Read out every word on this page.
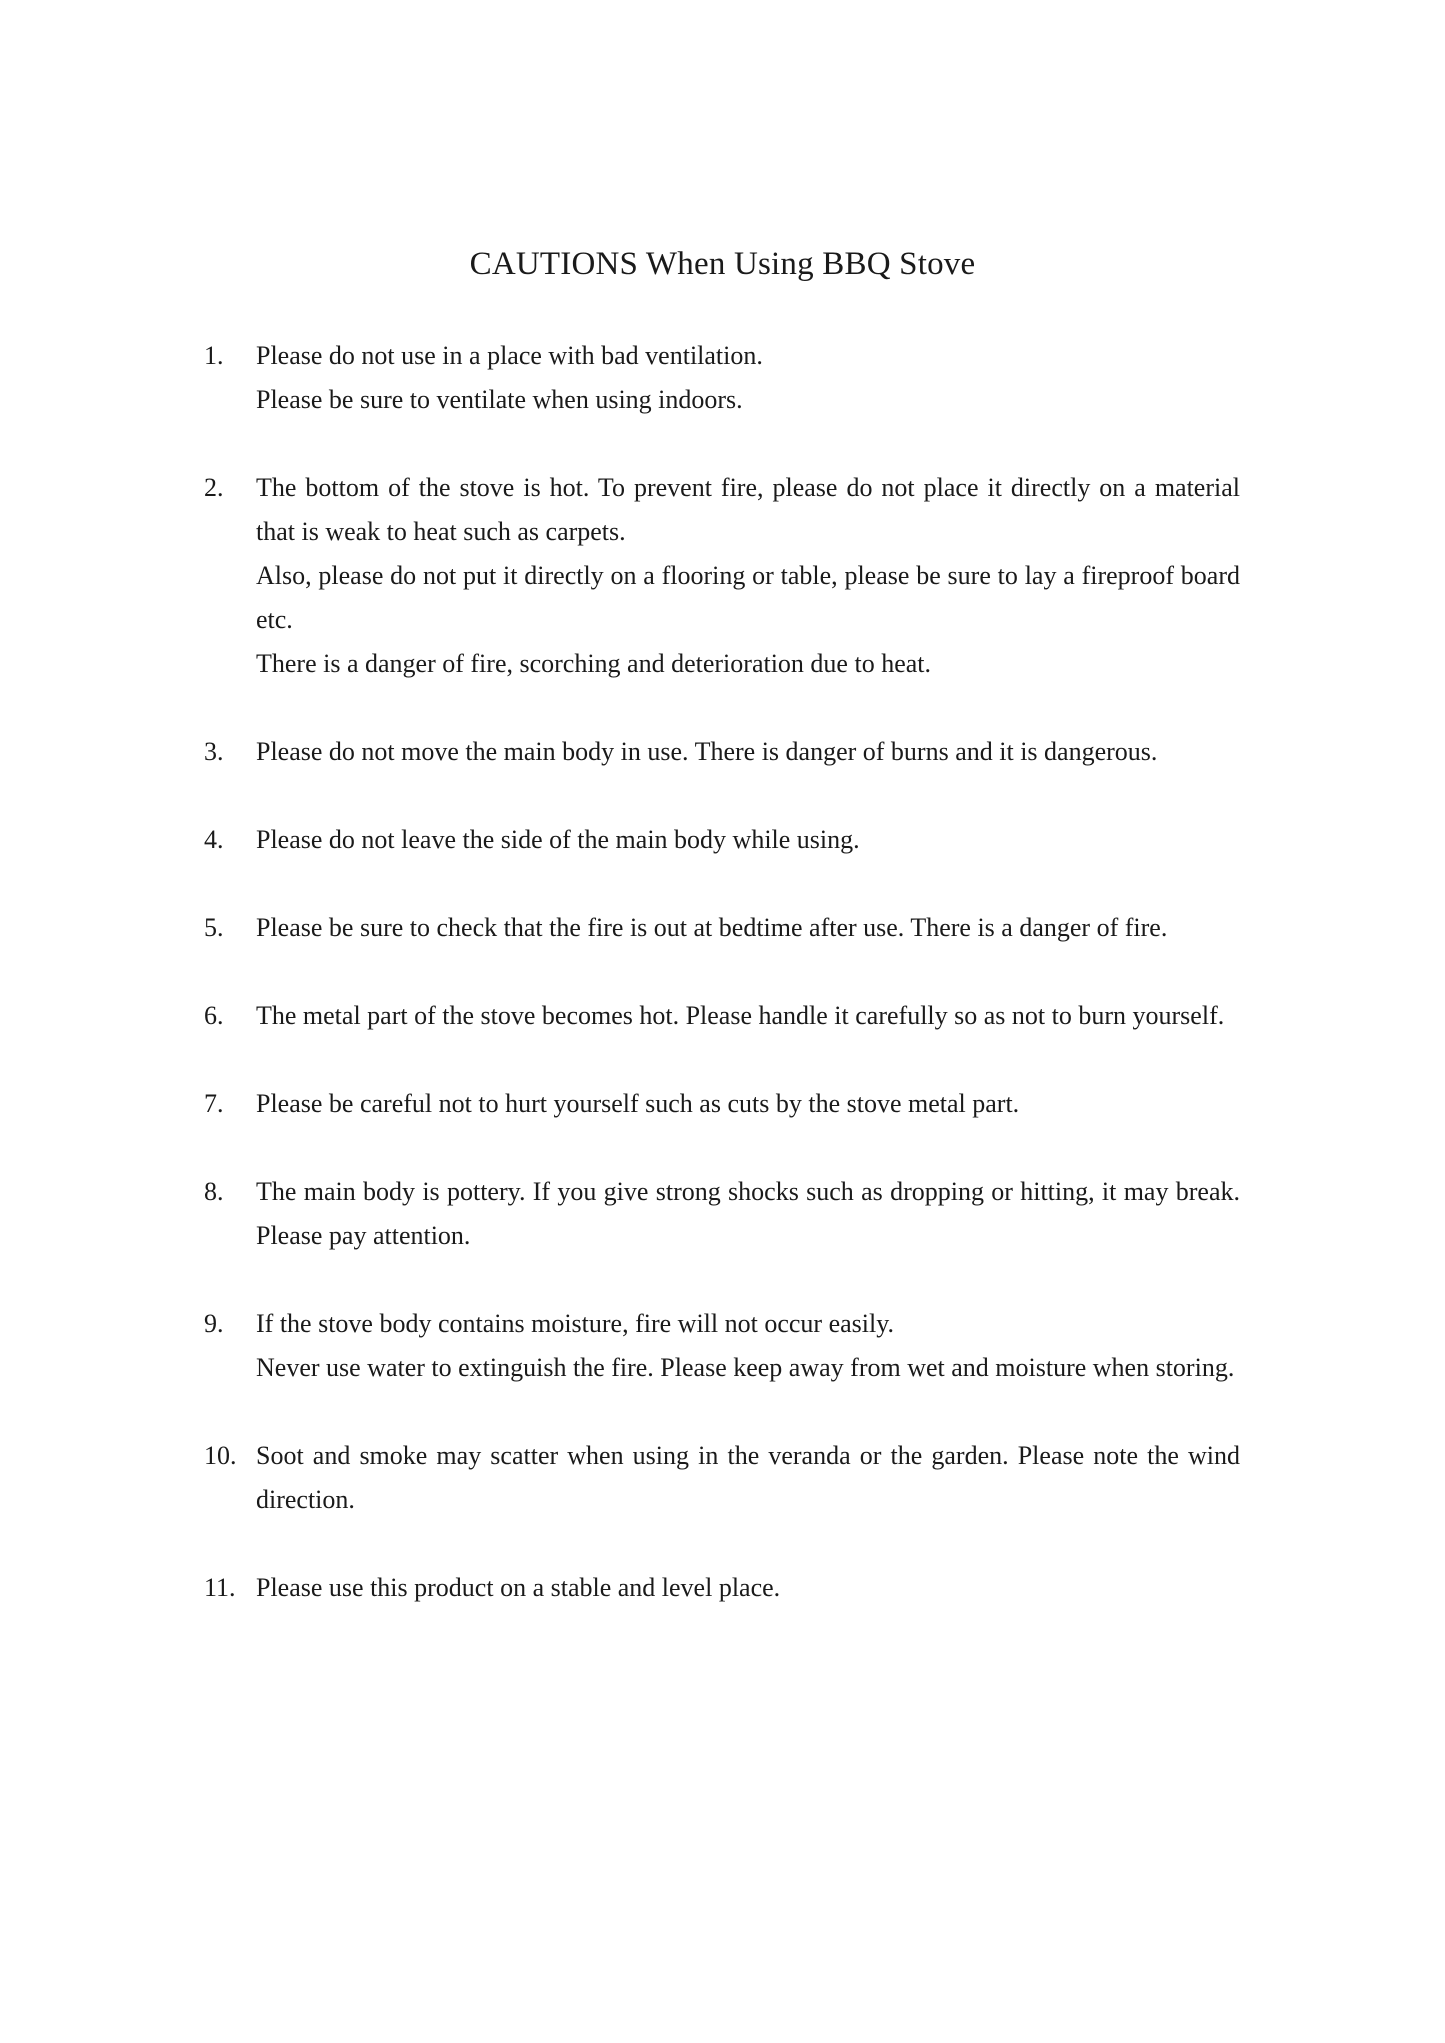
CAUTIONS When Using BBQ Stove
1.	Please do not use in a place with bad ventilation.
Please be sure to ventilate when using indoors.
2.	The bottom of the stove is hot. To prevent fire, please do not place it directly on a material that is weak to heat such as carpets.
Also, please do not put it directly on a flooring or table, please be sure to lay a fireproof board etc.
There is a danger of fire, scorching and deterioration due to heat.
3.	Please do not move the main body in use. There is danger of burns and it is dangerous.
4.	Please do not leave the side of the main body while using.
5.	Please be sure to check that the fire is out at bedtime after use. There is a danger of fire.
6.	The metal part of the stove becomes hot. Please handle it carefully so as not to burn yourself.
7.	Please be careful not to hurt yourself such as cuts by the stove metal part.
8.	The main body is pottery. If you give strong shocks such as dropping or hitting, it may break. Please pay attention.
9.	If the stove body contains moisture, fire will not occur easily.
Never use water to extinguish the fire. Please keep away from wet and moisture when storing.
10. Soot and smoke may scatter when using in the veranda or the garden. Please note the wind direction.
11. Please use this product on a stable and level place.
